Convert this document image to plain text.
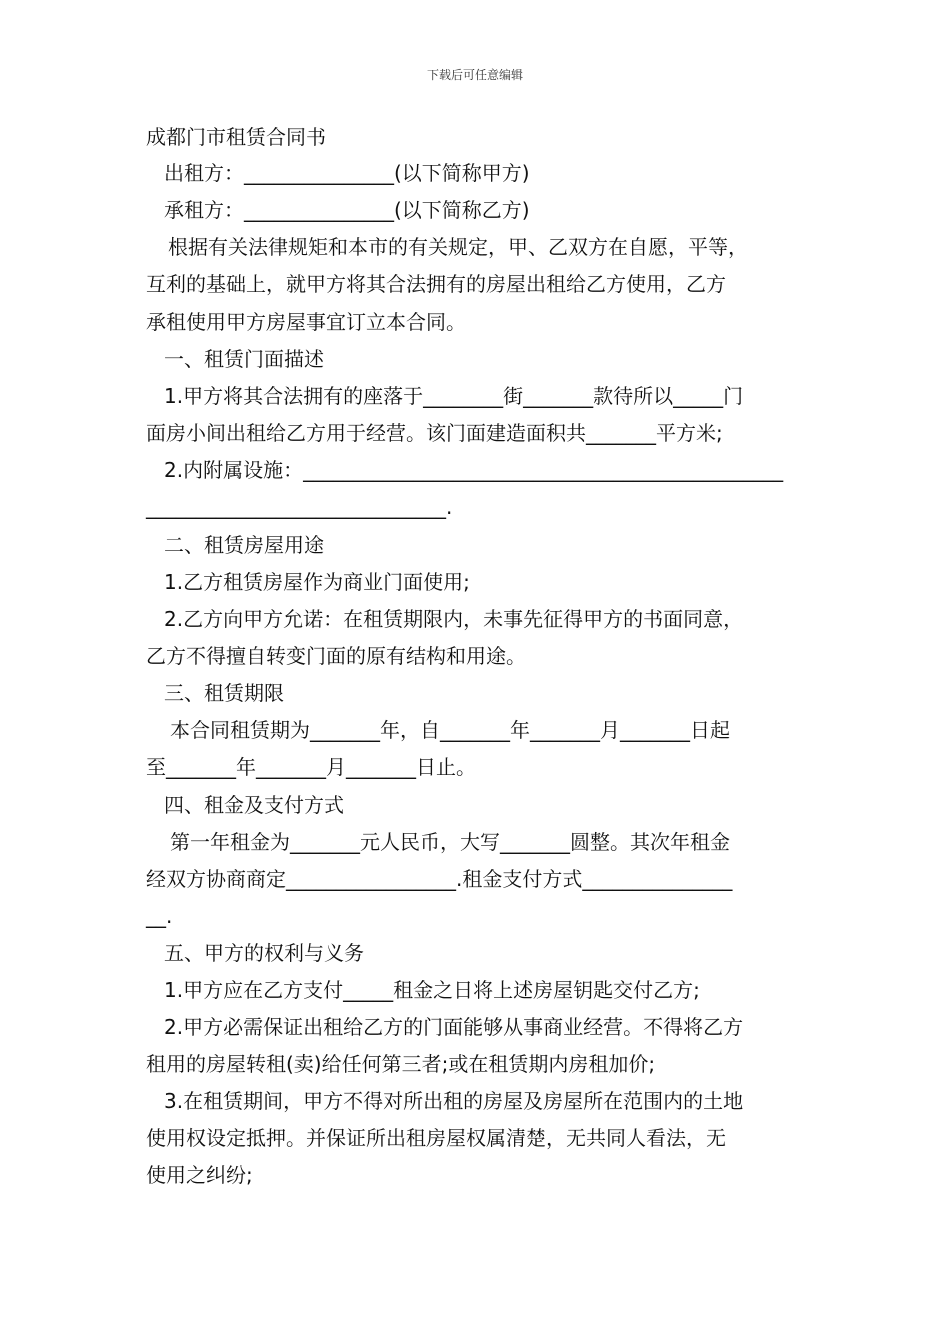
下载后可任意编辑
成都门市租赁合同书
出租方：_______________(以下简称甲方)
承租方：_______________(以下简称乙方)
根据有关法律规矩和本市的有关规定，甲、乙双方在自愿，平等，
互利的基础上，就甲方将其合法拥有的房屋出租给乙方使用，乙方
承租使用甲方房屋事宜订立本合同。
一、租赁门面描述
1.甲方将其合法拥有的座落于________街_______款待所以_____门
面房小间出租给乙方用于经营。该门面建造面积共_______平方米;
2.内附属设施：________________________________________________
______________________________.
二、租赁房屋用途
1.乙方租赁房屋作为商业门面使用;
2.乙方向甲方允诺：在租赁期限内，未事先征得甲方的书面同意，
乙方不得擅自转变门面的原有结构和用途。
三、租赁期限
本合同租赁期为_______年，自_______年_______月_______日起
至_______年_______月_______日止。
四、租金及支付方式
第一年租金为_______元人民币，大写_______圆整。其次年租金
经双方协商商定_________________.租金支付方式_______________
__.
五、甲方的权利与义务
1.甲方应在乙方支付_____租金之日将上述房屋钥匙交付乙方;
2.甲方必需保证出租给乙方的门面能够从事商业经营。不得将乙方
租用的房屋转租(卖)给任何第三者;或在租赁期内房租加价;
3.在租赁期间，甲方不得对所出租的房屋及房屋所在范围内的土地
使用权设定抵押。并保证所出租房屋权属清楚，无共同人看法，无
使用之纠纷;
